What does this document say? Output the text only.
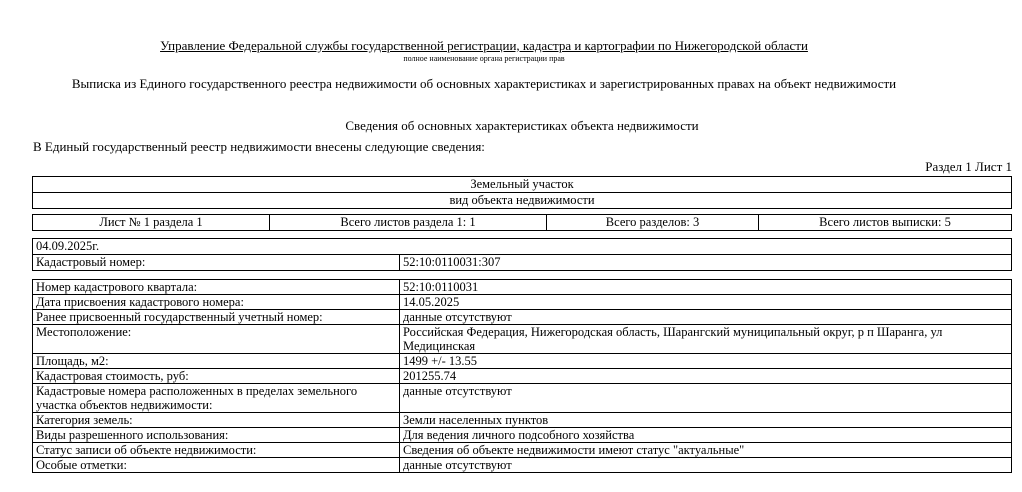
Управление Федеральной службы государственной регистрации, кадастра и картографии по Нижегородской области
полное наименование органа регистрации прав
Выписка из Единого государственного реестра недвижимости об основных характеристиках и зарегистрированных правах на объект недвижимости
Сведения об основных характеристиках объекта недвижимости
В Единый государственный реестр недвижимости внесены следующие сведения:
Раздел 1 Лист 1
Земельный участок
вид объекта недвижимости
Лист № 1 раздела 1	Всего листов раздела 1: 1	Всего разделов: 3	Всего листов выписки: 5
04.09.2025г.
Кадастровый номер:	52:10:0110031:307
Номер кадастрового квартала:	52:10:0110031
Дата присвоения кадастрового номера:	14.05.2025
Ранее присвоенный государственный учетный номер:	данные отсутствуют
Местоположение:	Российская Федерация, Нижегородская область, Шарангский муниципальный округ, р п Шаранга, ул Медицинская
Площадь, м2:	1499 +/- 13.55
Кадастровая стоимость, руб:	201255.74
Кадастровые номера расположенных в пределах земельного участка объектов недвижимости:	данные отсутствуют
Категория земель:	Земли населенных пунктов
Виды разрешенного использования:	Для ведения личного подсобного хозяйства
Статус записи об объекте недвижимости:	Сведения об объекте недвижимости имеют статус "актуальные"
Особые отметки:	данные отсутствуют
